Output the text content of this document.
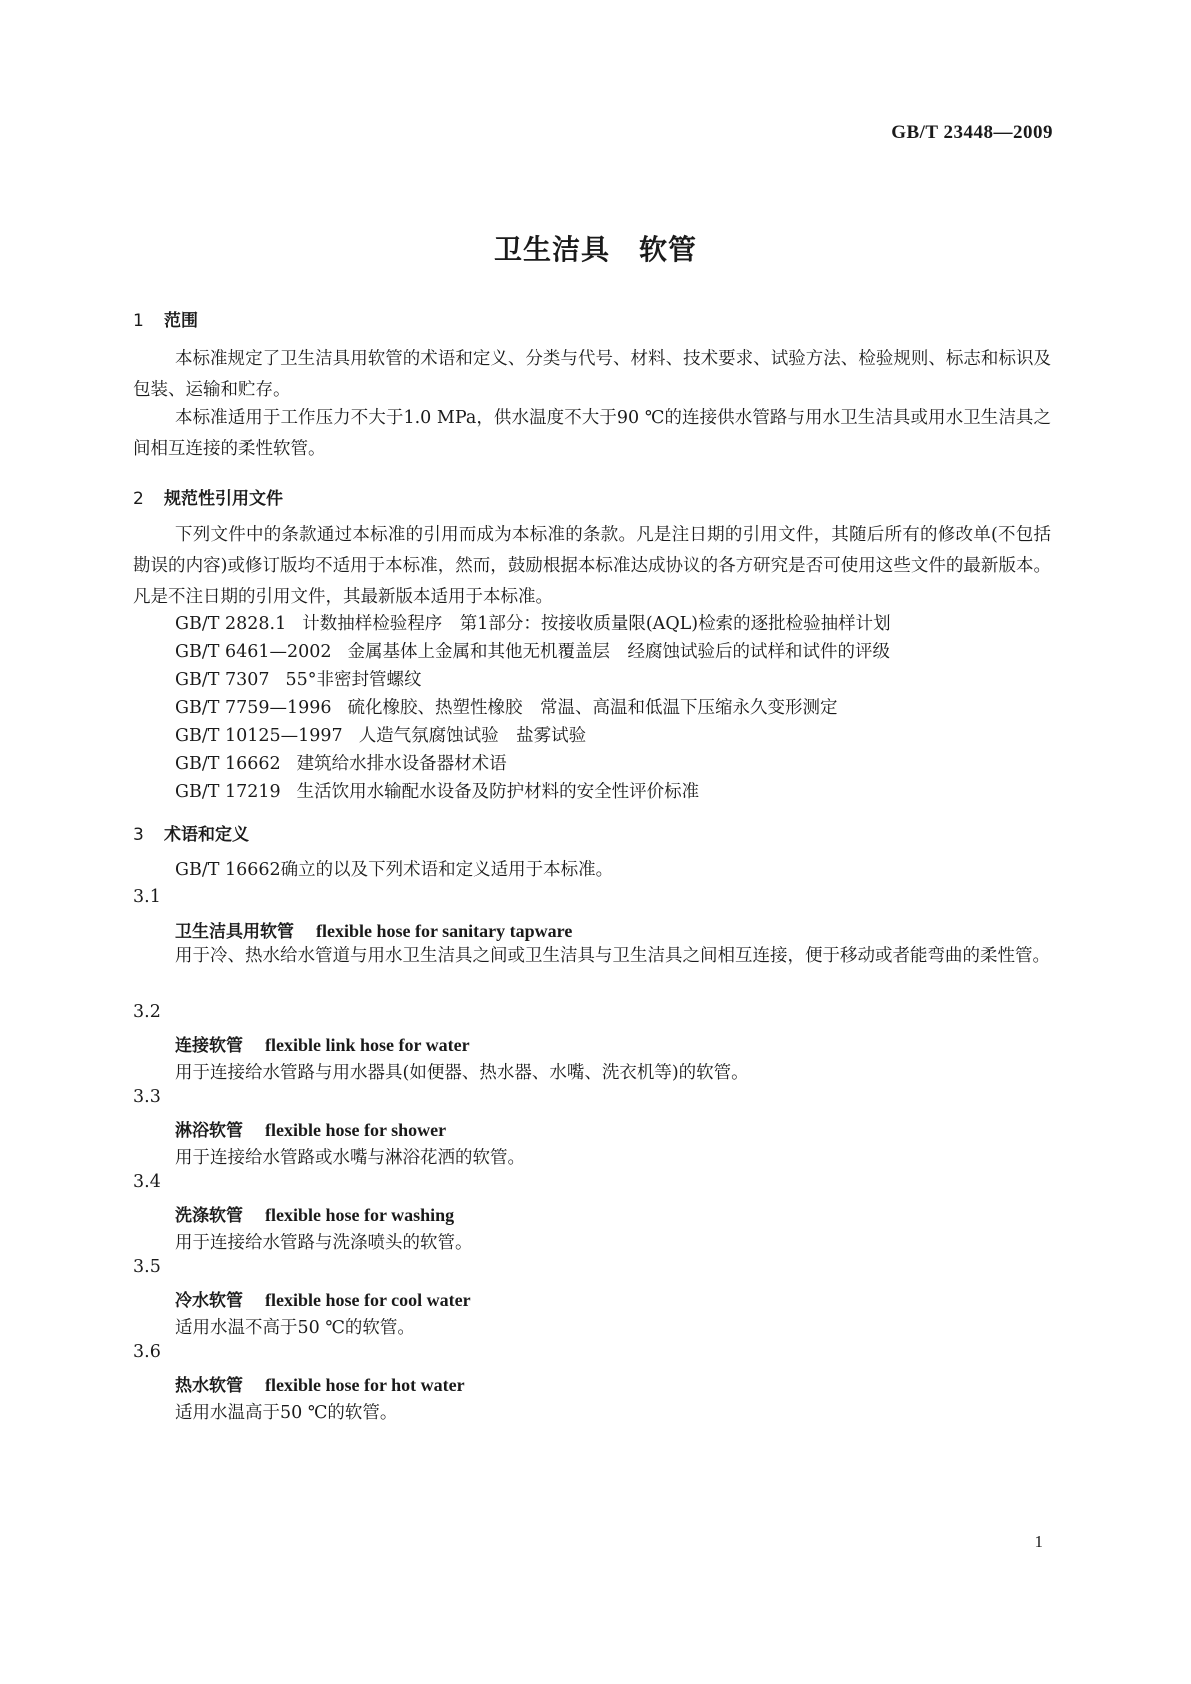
GB/T 23448—2009
卫生洁具　软管
1 范围
本标准规定了卫生洁具用软管的术语和定义、分类与代号、材料、技术要求、试验方法、检验规则、标志和标识及包装、运输和贮存。
本标准适用于工作压力不大于1.0 MPa，供水温度不大于90 ℃的连接供水管路与用水卫生洁具或用水卫生洁具之间相互连接的柔性软管。
2 规范性引用文件
下列文件中的条款通过本标准的引用而成为本标准的条款。凡是注日期的引用文件，其随后所有的修改单(不包括勘误的内容)或修订版均不适用于本标准，然而，鼓励根据本标准达成协议的各方研究是否可使用这些文件的最新版本。凡是不注日期的引用文件，其最新版本适用于本标准。
GB/T 2828.1 计数抽样检验程序　第1部分：按接收质量限(AQL)检索的逐批检验抽样计划
GB/T 6461—2002 金属基体上金属和其他无机覆盖层　经腐蚀试验后的试样和试件的评级
GB/T 7307 55°非密封管螺纹
GB/T 7759—1996 硫化橡胶、热塑性橡胶　常温、高温和低温下压缩永久变形测定
GB/T 10125—1997 人造气氛腐蚀试验　盐雾试验
GB/T 16662 建筑给水排水设备器材术语
GB/T 17219 生活饮用水输配水设备及防护材料的安全性评价标准
3 术语和定义
GB/T 16662确立的以及下列术语和定义适用于本标准。
3.1
卫生洁具用软管 flexible hose for sanitary tapware
用于冷、热水给水管道与用水卫生洁具之间或卫生洁具与卫生洁具之间相互连接，便于移动或者能弯曲的柔性管。
3.2
连接软管 flexible link hose for water
用于连接给水管路与用水器具(如便器、热水器、水嘴、洗衣机等)的软管。
3.3
淋浴软管 flexible hose for shower
用于连接给水管路或水嘴与淋浴花洒的软管。
3.4
洗涤软管 flexible hose for washing
用于连接给水管路与洗涤喷头的软管。
3.5
冷水软管 flexible hose for cool water
适用水温不高于50 ℃的软管。
3.6
热水软管 flexible hose for hot water
适用水温高于50 ℃的软管。
1
